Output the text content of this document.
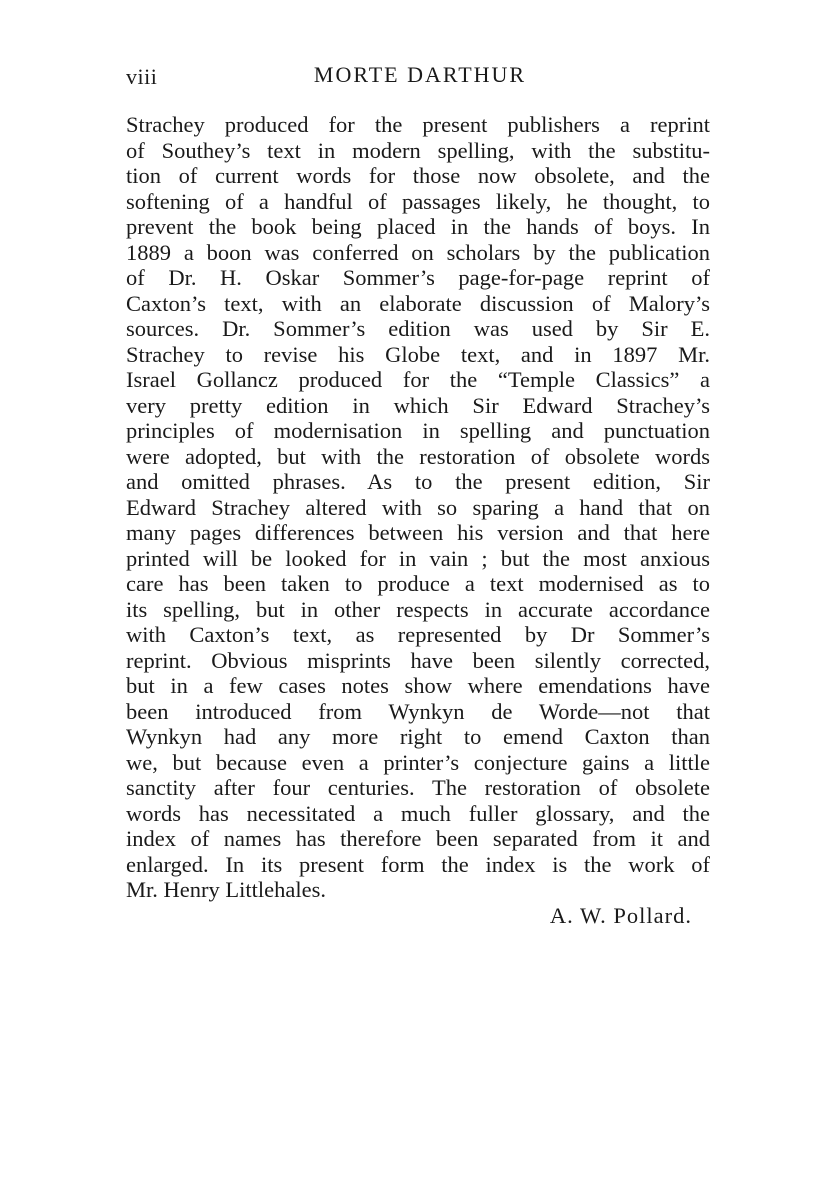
viii	MORTE DARTHUR
Strachey produced for the present publishers a reprint
of Southey’s text in modern spelling, with the substitu-
tion of current words for those now obsolete, and the
softening of a handful of passages likely, he thought, to
prevent the book being placed in the hands of boys. In
1889 a boon was conferred on scholars by the publication
of Dr. H. Oskar Sommer’s page-for-page reprint of
Caxton’s text, with an elaborate discussion of Malory’s
sources. Dr. Sommer’s edition was used by Sir E.
Strachey to revise his Globe text, and in 1897 Mr.
Israel Gollancz produced for the “Temple Classics” a
very pretty edition in which Sir Edward Strachey’s
principles of modernisation in spelling and punctuation
were adopted, but with the restoration of obsolete words
and omitted phrases. As to the present edition, Sir
Edward Strachey altered with so sparing a hand that on
many pages differences between his version and that here
printed will be looked for in vain ; but the most anxious
care has been taken to produce a text modernised as to
its spelling, but in other respects in accurate accordance
with Caxton’s text, as represented by Dr Sommer’s
reprint. Obvious misprints have been silently corrected,
but in a few cases notes show where emendations have
been introduced from Wynkyn de Worde—not that
Wynkyn had any more right to emend Caxton than
we, but because even a printer’s conjecture gains a little
sanctity after four centuries. The restoration of obsolete
words has necessitated a much fuller glossary, and the
index of names has therefore been separated from it and
enlarged. In its present form the index is the work of
Mr. Henry Littlehales.
A. W. Pollard.
